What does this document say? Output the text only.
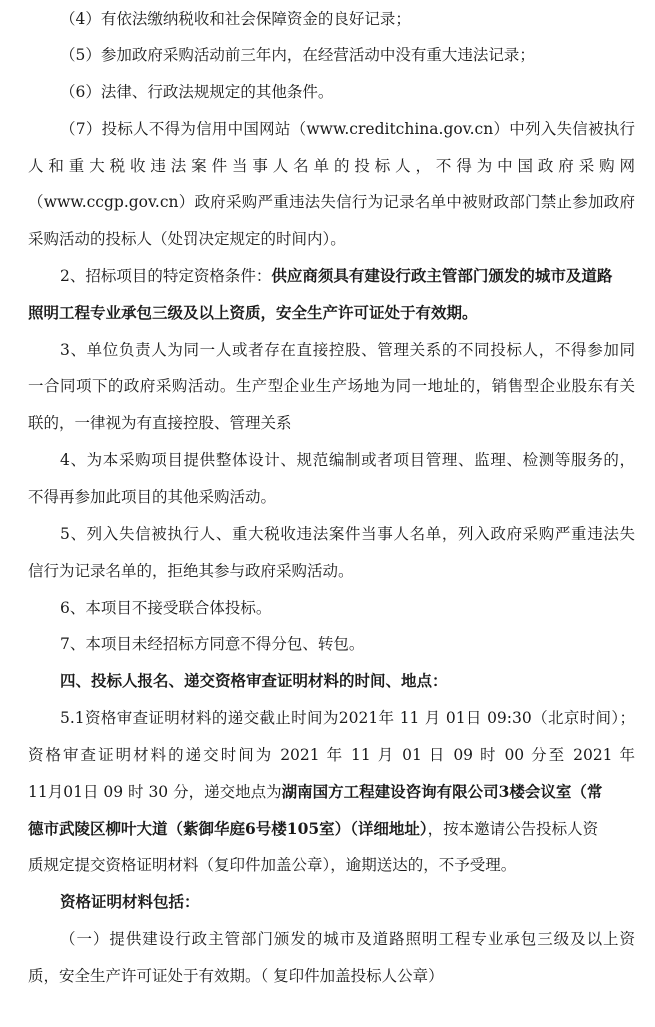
（4）有依法缴纳税收和社会保障资金的良好记录；
（5）参加政府采购活动前三年内，在经营活动中没有重大违法记录；
（6）法律、行政法规规定的其他条件。
（7）投标人不得为信用中国网站（www.creditchina.gov.cn）中列入失信被执行
人和重大税收违法案件当事人名单的投标人，不得为中国政府采购网
（www.ccgp.gov.cn）政府采购严重违法失信行为记录名单中被财政部门禁止参加政府
采购活动的投标人（处罚决定规定的时间内）。
2、招标项目的特定资格条件：供应商须具有建设行政主管部门颁发的城市及道路
照明工程专业承包三级及以上资质，安全生产许可证处于有效期。
3、单位负责人为同一人或者存在直接控股、管理关系的不同投标人，不得参加同
一合同项下的政府采购活动。生产型企业生产场地为同一地址的，销售型企业股东有关
联的，一律视为有直接控股、管理关系
4、为本采购项目提供整体设计、规范编制或者项目管理、监理、检测等服务的，
不得再参加此项目的其他采购活动。
5、列入失信被执行人、重大税收违法案件当事人名单，列入政府采购严重违法失
信行为记录名单的，拒绝其参与政府采购活动。
6、本项目不接受联合体投标。
7、本项目未经招标方同意不得分包、转包。
四、投标人报名、递交资格审查证明材料的时间、地点：
5.1资格审查证明材料的递交截止时间为2021年 11 月 01日 09:30（北京时间）；
资格审查证明材料的递交时间为 2021 年 11 月 01 日 09 时 00 分至 2021 年
11月01日 09 时 30 分，递交地点为湖南国方工程建设咨询有限公司3楼会议室（常
德市武陵区柳叶大道（紫御华庭6号楼105室）（详细地址），按本邀请公告投标人资
质规定提交资格证明材料（复印件加盖公章），逾期送达的，不予受理。
资格证明材料包括：
（一）提供建设行政主管部门颁发的城市及道路照明工程专业承包三级及以上资
质，安全生产许可证处于有效期。（ 复印件加盖投标人公章）
